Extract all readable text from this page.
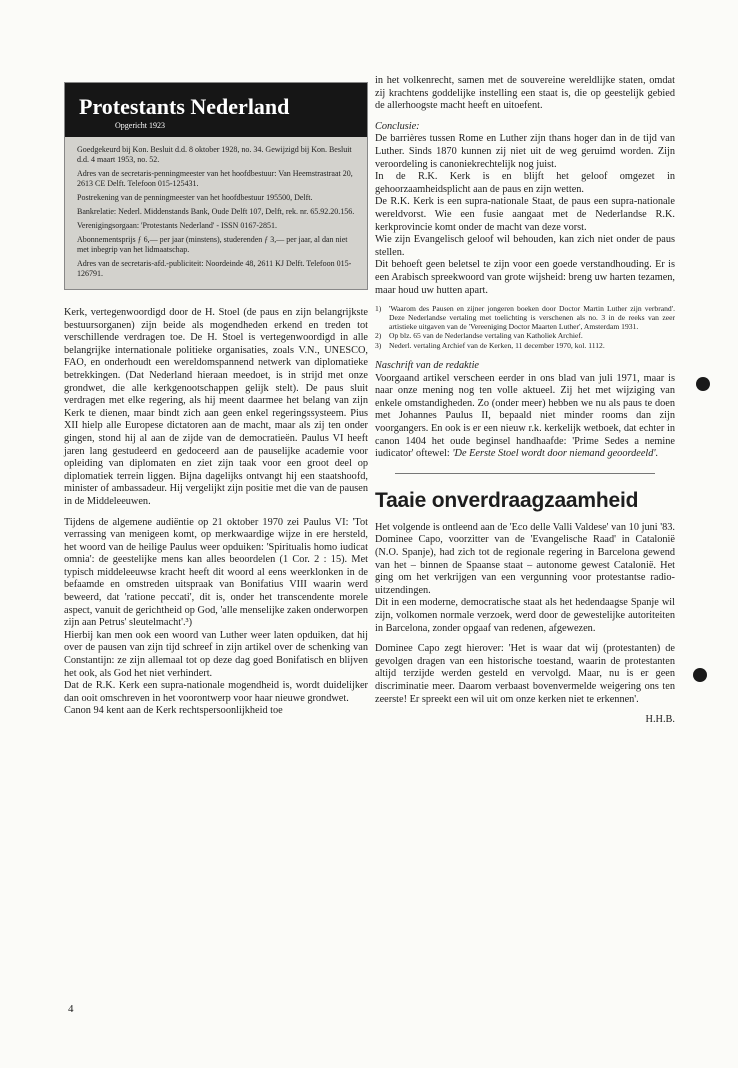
Protestants Nederland
Opgericht 1923

Goedgekeurd bij Kon. Besluit d.d. 8 oktober 1928, no. 34. Gewijzigd bij Kon. Besluit d.d. 4 maart 1953, no. 52.

Adres van de secretaris-penningmeester van het hoofdbestuur: Van Heemstrastraat 20, 2613 CE Delft. Telefoon 015-125431.

Postrekening van de penningmeester van het hoofdbestuur 195500, Delft.

Bankrelatie: Nederl. Middenstands Bank, Oude Delft 107, Delft, rek. nr. 65.92.20.156.

Verenigingsorgaan: 'Protestants Nederland' - ISSN 0167-2851.

Abonnementsprijs ƒ 6,— per jaar (minstens), studerenden ƒ 3,— per jaar, al dan niet met inbegrip van het lidmaatschap.

Adres van de secretaris-afd.-publiciteit: Noordeinde 48, 2611 KJ Delft. Telefoon 015-126791.

Kerk, vertegenwoordigd door de H. Stoel (de paus en zijn belangrijkste bestuursorganen) zijn beide als mogendheden erkend en treden tot verschillende verdragen toe. De H. Stoel is vertegenwoordigd in alle belangrijke internationale politieke organisaties, zoals V.N., UNESCO, FAO, en onderhoudt een wereldomspannend netwerk van diplomatieke betrekkingen. (Dat Nederland hieraan meedoet, is in strijd met onze grondwet, die alle kerkgenootschappen gelijk stelt). De paus sluit verdragen met elke regering, als hij meent daarmee het belang van zijn Kerk te dienen, maar bindt zich aan geen enkel regeringssysteem. Pius XII hielp alle Europese dictatoren aan de macht, maar als zij ten onder gingen, stond hij al aan de zijde van de democratieën. Paulus VI heeft jaren lang gestudeerd en gedoceerd aan de pauselijke academie voor opleiding van diplomaten en ziet zijn taak voor een groot deel op diplomatiek terrein liggen. Bijna dagelijks ontvangt hij een staatshoofd, minister of ambassadeur. Hij vergelijkt zijn positie met die van de pausen in de Middeleeuwen.

Tijdens de algemene audiëntie op 21 oktober 1970 zei Paulus VI: 'Tot verrassing van menigeen komt, op merkwaardige wijze in ere hersteld, het woord van de heilige Paulus weer opduiken: 'Spiritualis homo iudicat omnia': de geestelijke mens kan alles beoordelen (1 Cor. 2 : 15). Met typisch middeleeuwse kracht heeft dit woord al eens weerklonken in de befaamde en omstreden uitspraak van Bonifatius VIII waarin werd beweerd, dat 'ratione peccati', dit is, onder het transcendente morele aspect, vanuit de gerichtheid op God, 'alle menselijke zaken onderworpen zijn aan Petrus' sleutelmacht'.³)

Hierbij kan men ook een woord van Luther weer laten opduiken, dat hij over de pausen van zijn tijd schreef in zijn artikel over de schenking van Constantijn: ze zijn allemaal tot op deze dag goed Bonifatisch en blijven het ook, als God het niet verhindert.

Dat de R.K. Kerk een supra-nationale mogendheid is, wordt duidelijker dan ooit omschreven in het voorontwerp voor haar nieuwe grondwet.

Canon 94 kent aan de Kerk rechtspersoonlijkheid toe

in het volkenrecht, samen met de souvereine wereldlijke staten, omdat zij krachtens goddelijke instelling een staat is, die op geestelijk gebied de allerhoogste macht heeft en uitoefent.

Conclusie:

De barrières tussen Rome en Luther zijn thans hoger dan in de tijd van Luther. Sinds 1870 kunnen zij niet uit de weg geruimd worden. Zijn veroordeling is canoniekrechtelijk nog juist.

In de R.K. Kerk is en blijft het geloof omgezet in gehoorzaamheidsplicht aan de paus en zijn wetten.

De R.K. Kerk is een supra-nationale Staat, de paus een supra-nationale wereldvorst. Wie een fusie aangaat met de Nederlandse R.K. kerkprovincie komt onder de macht van deze vorst.

Wie zijn Evangelisch geloof wil behouden, kan zich niet onder de paus stellen.

Dit behoeft geen beletsel te zijn voor een goede verstandhouding. Er is een Arabisch spreekwoord van grote wijsheid: breng uw harten tezamen, maar houd uw hutten apart.

1)	'Waarom des Pausen en zijner jongeren boeken door Doctor Martin Luther zijn verbrand'. Deze Nederlandse vertaling met toelichting is verschenen als no. 3 in de reeks van zeer artistieke uitgaven van de 'Vereeniging Doctor Maarten Luther', Amsterdam 1931.
2)	Op blz. 65 van de Nederlandse vertaling van Katholiek Archief.
3)	Nederl. vertaling Archief van de Kerken, 11 december 1970, kol. 1112.

Naschrift van de redaktie

Voorgaand artikel verscheen eerder in ons blad van juli 1971, maar is naar onze mening nog ten volle aktueel. Zij het met wijziging van enkele omstandigheden. Zo (onder meer) hebben we nu als paus te doen met Johannes Paulus II, bepaald niet minder rooms dan zijn voorgangers. En ook is er een nieuw r.k. kerkelijk wetboek, dat echter in canon 1404 het oude beginsel handhaafde: 'Prime Sedes a nemine iudicator' oftewel: 'De Eerste Stoel wordt door niemand geoordeeld'.

Taaie onverdraagzaamheid

Het volgende is ontleend aan de 'Eco delle Valli Valdese' van 10 juni '83. Dominee Capo, voorzitter van de 'Evangelische Raad' in Catalonië (N.O. Spanje), had zich tot de regionale regering in Barcelona gewend van het – binnen de Spaanse staat – autonome gewest Catalonië. Het ging om het verkrijgen van een vergunning voor protestantse radio-uitzendingen.

Dit in een moderne, democratische staat als het hedendaagse Spanje wil zijn, volkomen normale verzoek, werd door de gewestelijke autoriteiten in Barcelona, zonder opgaaf van redenen, afgewezen.

Dominee Capo zegt hierover: 'Het is waar dat wij (protestanten) de gevolgen dragen van een historische toestand, waarin de protestanten altijd terzijde werden gesteld en vervolgd. Maar, nu is er geen discriminatie meer. Daarom verbaast bovenvermelde weigering ons ten zeerste! Er spreekt een wil uit om onze kerken niet te erkennen'.

H.H.B.

4
